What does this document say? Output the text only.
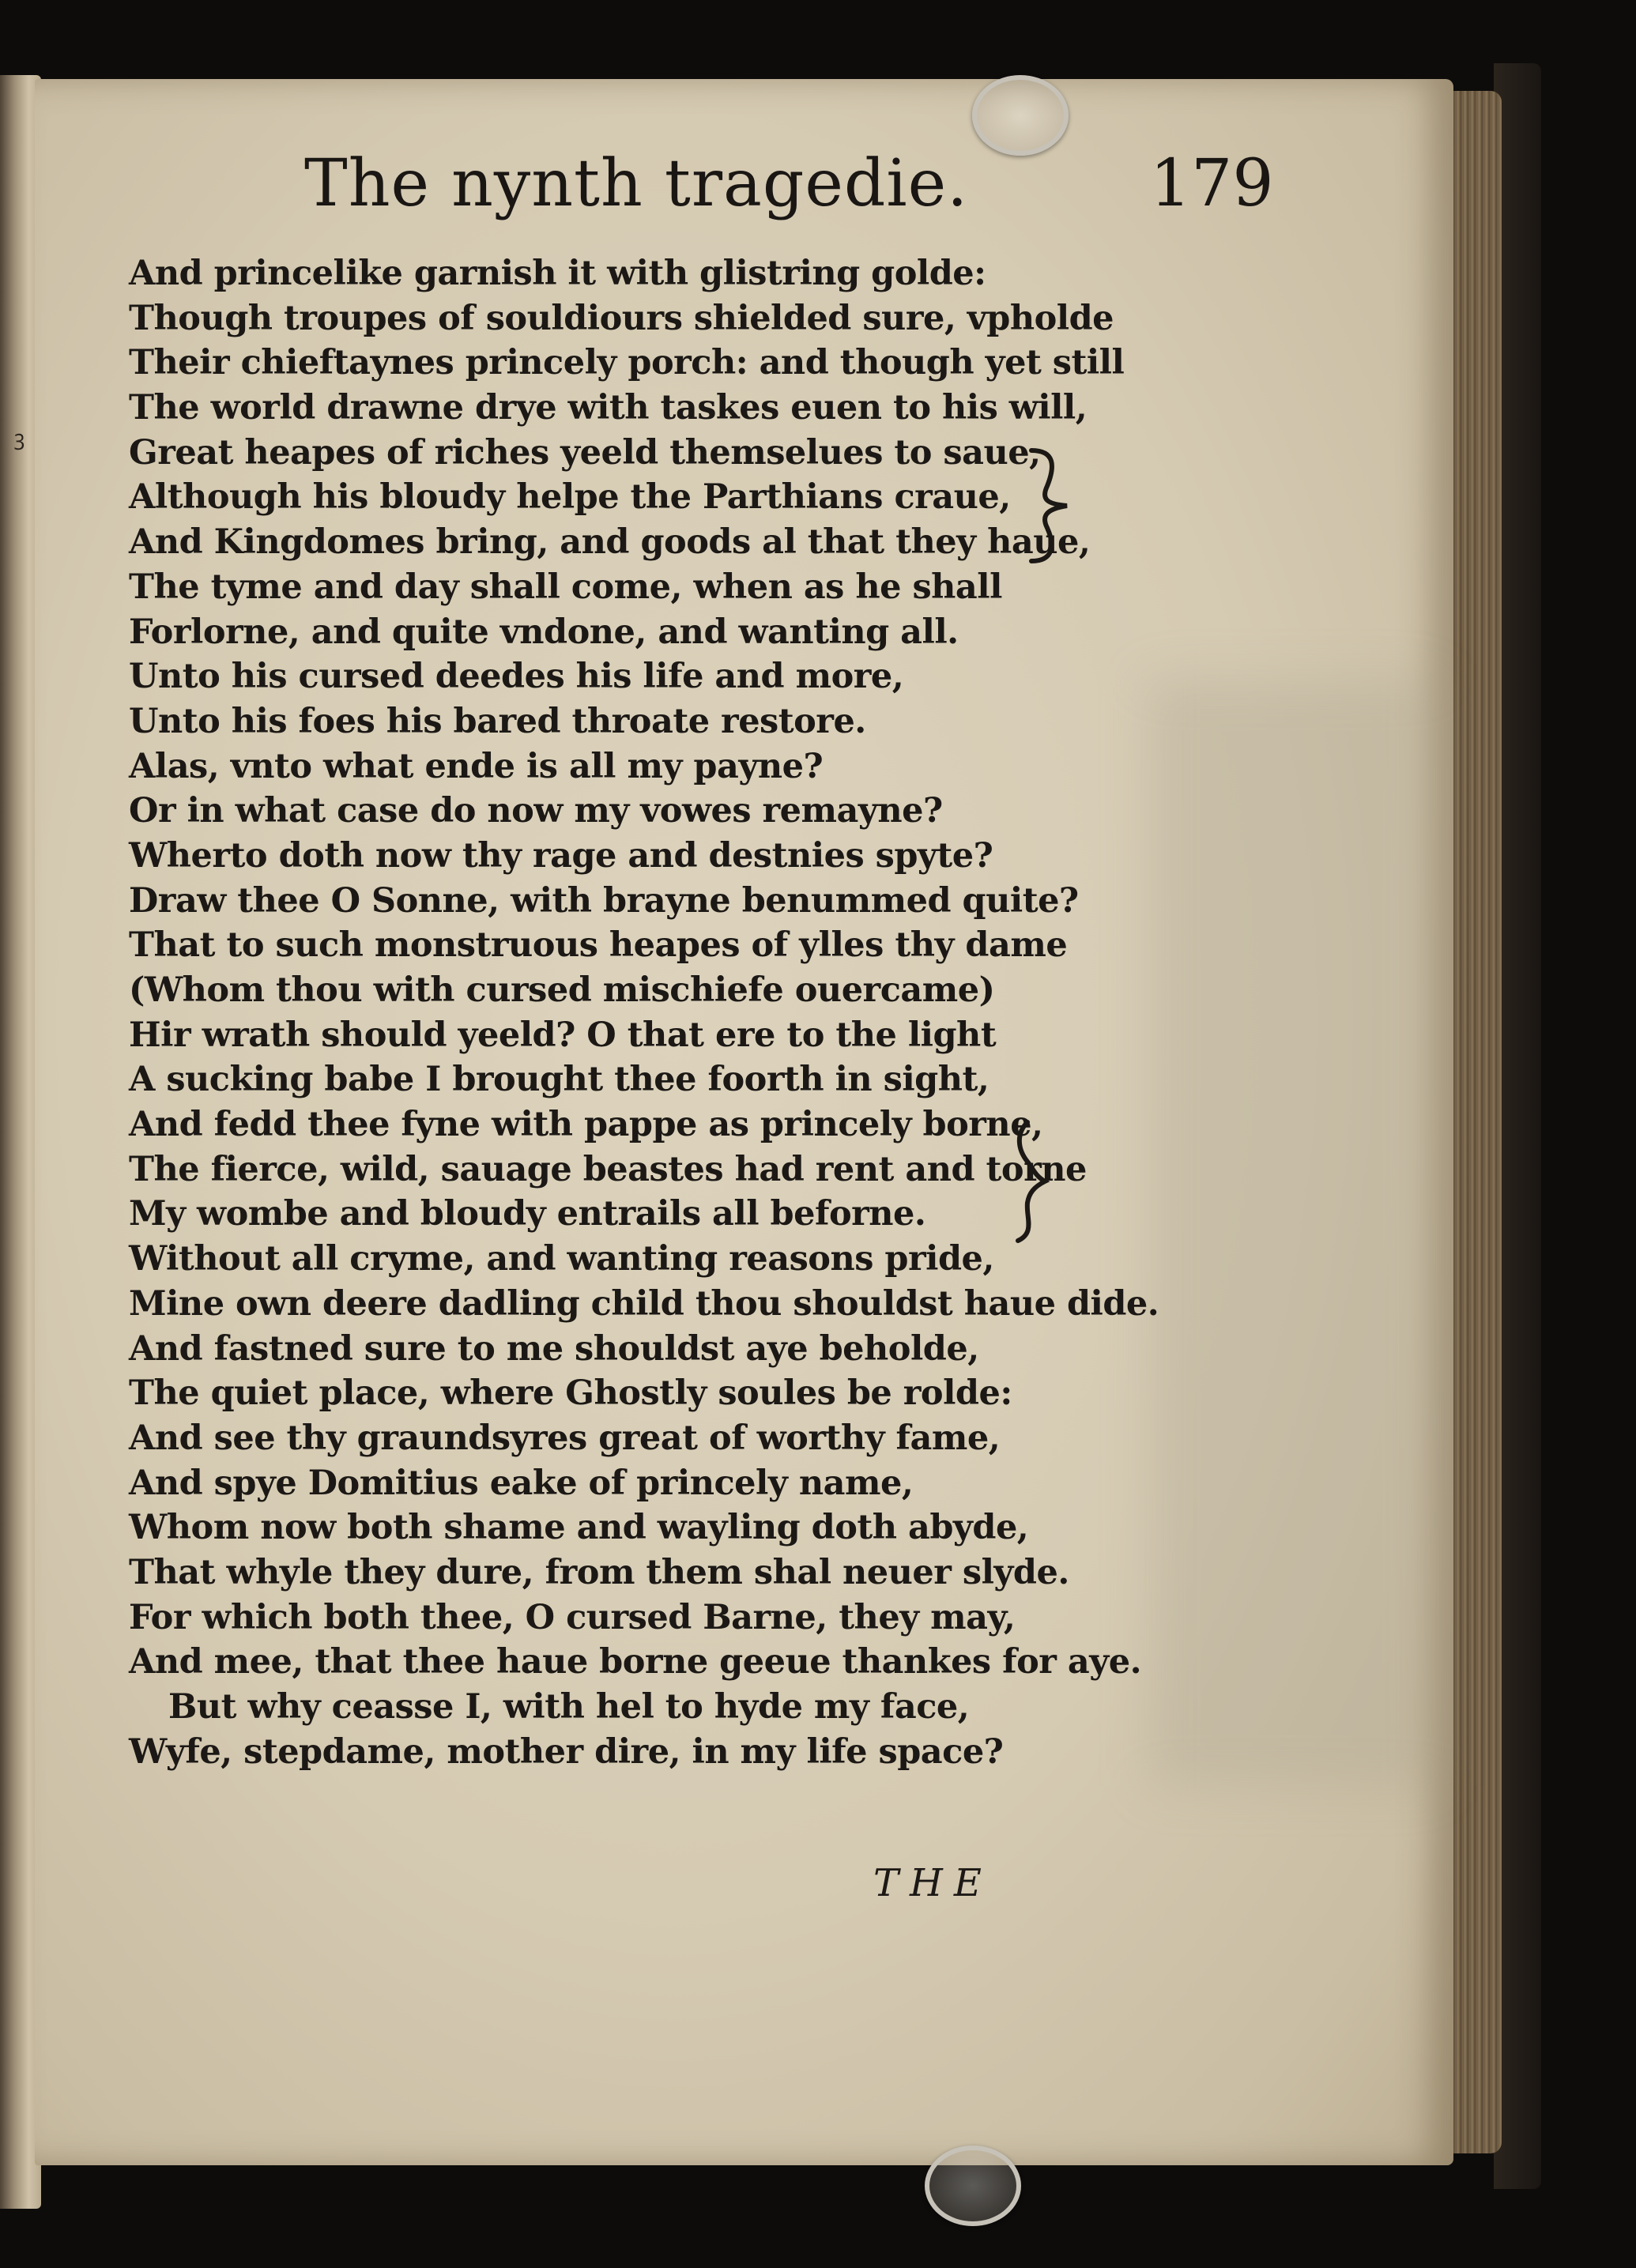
ꝫ
The nynth tragedie.	179
And princelike garnish it with glistring golde:
Though troupes of souldiours shielded sure, vpholde
Their chieftaynes princely porch: and though yet still
The world drawne drye with taskes euen to his will,
Great heapes of riches yeeld themselues to saue,
Although his bloudy helpe the Parthians craue,
And Kingdomes bring, and goods al that they haue,
The tyme and day shall come, when as he shall
Forlorne, and quite vndone, and wanting all.
Unto his cursed deedes his life and more,
Unto his foes his bared throate restore.
Alas, vnto what ende is all my payne?
Or in what case do now my vowes remayne?
Wherto doth now thy rage and destnies spyte?
Draw thee O Sonne, with brayne benummed quite?
That to such monstruous heapes of ylles thy dame
(Whom thou with cursed mischiefe ouercame)
Hir wrath should yeeld? O that ere to the light
A sucking babe I brought thee foorth in sight,
And fedd thee fyne with pappe as princely borne,
The fierce, wild, sauage beastes had rent and torne
My wombe and bloudy entrails all beforne.
Without all cryme, and wanting reasons pride,
Mine own deere dadling child thou shouldst haue dide.
And fastned sure to me shouldst aye beholde,
The quiet place, where Ghostly soules be rolde:
And see thy graundsyres great of worthy fame,
And spye Domitius eake of princely name,
Whom now both shame and wayling doth abyde,
That whyle they dure, from them shal neuer slyde.
For which both thee, O cursed Barne, they may,
And mee, that thee haue borne geeue thankes for aye.
But why ceasse I, with hel to hyde my face,
Wyfe, stepdame, mother dire, in my life space?
THE
